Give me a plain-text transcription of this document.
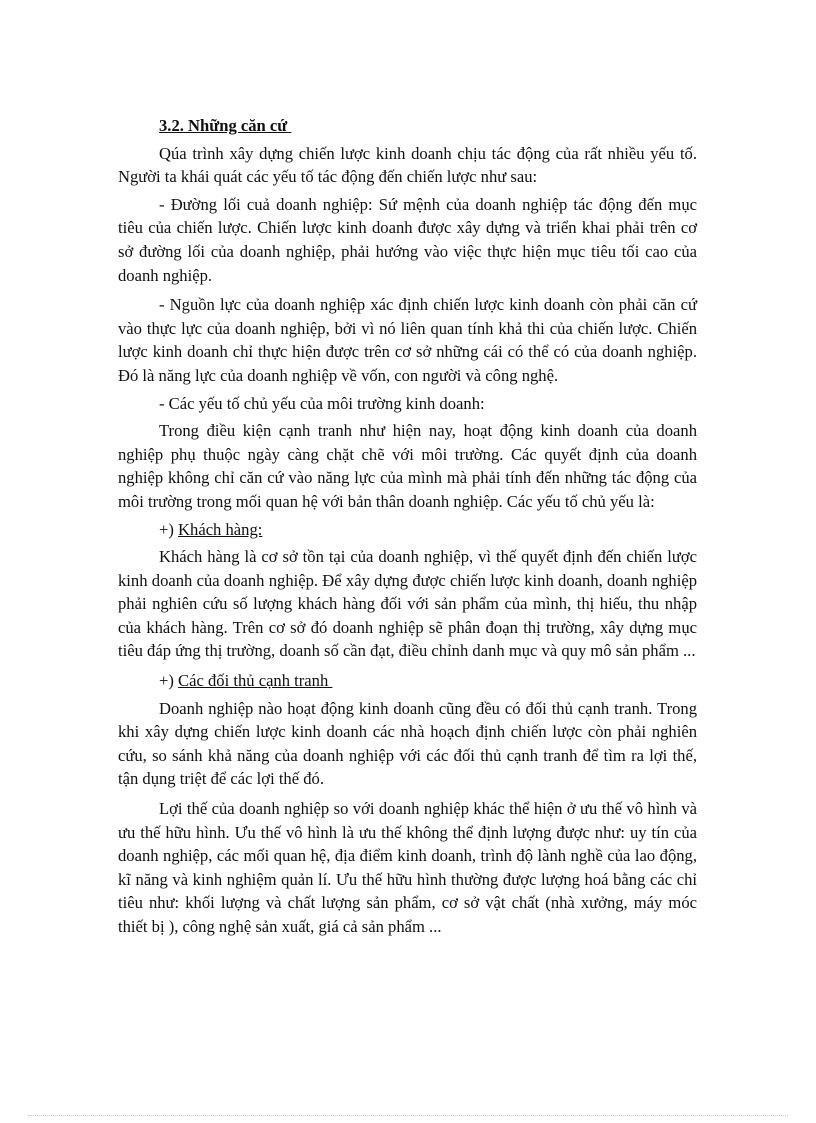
3.2. Những căn cứ

Qúa trình xây dựng chiến lược kinh doanh chịu tác động của rất nhiều yếu tố. Người ta khái quát các yếu tố tác động đến chiến lược như sau:

- Đường lối cuả doanh nghiệp: Sứ mệnh của doanh nghiệp tác động đến mục tiêu của chiến lược. Chiến lược kinh doanh được xây dựng và triển khai phải trên cơ sở đường lối của doanh nghiệp, phải hướng vào việc thực hiện mục tiêu tối cao của doanh nghiệp.

- Nguồn lực của doanh nghiệp xác định chiến lược kinh doanh còn phải căn cứ vào thực lực của doanh nghiệp, bởi vì nó liên quan tính khả thi của chiến lược. Chiến lược kinh doanh chỉ thực hiện được trên cơ sở những cái có thể có của doanh nghiệp. Đó là năng lực của doanh nghiệp về vốn, con người và công nghệ.

- Các yếu tố chủ yếu của môi trường kinh doanh:

Trong điều kiện cạnh tranh như hiện nay, hoạt động kinh doanh của doanh nghiệp phụ thuộc ngày càng chặt chẽ với môi trường. Các quyết định của doanh nghiệp không chỉ căn cứ vào năng lực của mình mà phải tính đến những tác động của môi trường trong mối quan hệ với bản thân doanh nghiệp. Các yếu tố chủ yếu là:

+) Khách hàng:

Khách hàng là cơ sở tồn tại của doanh nghiệp, vì thế quyết định đến chiến lược kinh doanh của doanh nghiệp. Để xây dựng được chiến lược kinh doanh, doanh nghiệp phải nghiên cứu số lượng khách hàng đối với sản phẩm của mình, thị hiếu, thu nhập của khách hàng. Trên cơ sở đó doanh nghiệp sẽ phân đoạn thị trường, xây dựng mục tiêu đáp ứng thị trường, doanh số cần đạt, điều chỉnh danh mục và quy mô sản phẩm ...

+) Các đối thủ cạnh tranh

Doanh nghiệp nào hoạt động kinh doanh cũng đều có đối thủ cạnh tranh. Trong khi xây dựng chiến lược kinh doanh các nhà hoạch định chiến lược còn phải nghiên cứu, so sánh khả năng của doanh nghiệp với các đối thủ cạnh tranh để tìm ra lợi thế, tận dụng triệt để các lợi thế đó.

Lợi thế của doanh nghiệp so với doanh nghiệp khác thể hiện ở ưu thế vô hình và ưu thế hữu hình. Ưu thế vô hình là ưu thế không thể định lượng được như: uy tín của doanh nghiệp, các mối quan hệ, địa điểm kinh doanh, trình độ lành nghề của lao động, kĩ năng và kinh nghiệm quản lí. Ưu thế hữu hình thường được lượng hoá bằng các chỉ tiêu như: khối lượng và chất lượng sản phẩm, cơ sở vật chất (nhà xưởng, máy móc thiết bị ), công nghệ sản xuất, giá cả sản phẩm ...
